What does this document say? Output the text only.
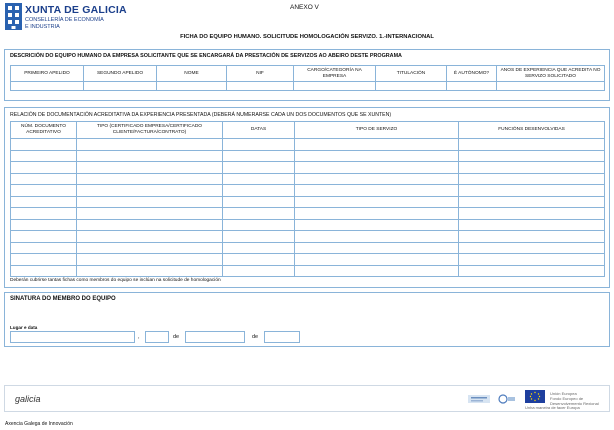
XUNTA DE GALICIA
CONSELLERÍA DE ECONOMÍA
E INDUSTRIA
ANEXO V
FICHA DO EQUIPO HUMANO. SOLICITUDE HOMOLOGACIÓN SERVIZO. 1.-INTERNACIONAL
DESCRICIÓN DO EQUIPO HUMANO DA EMPRESA SOLICITANTE QUE SE ENCARGARÁ DA PRESTACIÓN DE SERVIZOS AO ABEIRO DESTE PROGRAMA
PRIMEIRO APELIDO	SEGUNDO APELIDO	NOME	NIF	CARGO/CATEGORÍA NA EMPRESA	TITULACIÓN	É AUTÓNOMO?	ANOS DE EXPERIENCIA QUE ACREDITA NO SERVIZO SOLICITADO

RELACIÓN DE DOCUMENTACIÓN ACREDITATIVA DA EXPERIENCIA PRESENTADA (DEBERÁ NUMERARSE CADA UN DOS DOCUMENTOS QUE SE XUNTEN)
NÚM. DOCUMENTO ACREDITATIVO	TIPO (CERTIFICADO EMPRESA/CERTIFICADO CLIENTE/FACTURA/CONTRATO)	DATAS	TIPO DE SERVIZO	FUNCIÓNS DESENVOLVIDAS

Deberán cubrirse tantas fichas como membros do equipo se inclúan na solicitude de homologación
SINATURA DO MEMBRO DO EQUIPO
Lugar e data
,	de	de
galicia
Unión Europea
Fondo Europeo de Desenvolvemento Rexional
Unha maneira de facer Europa
Axencia Galega de Innovación
